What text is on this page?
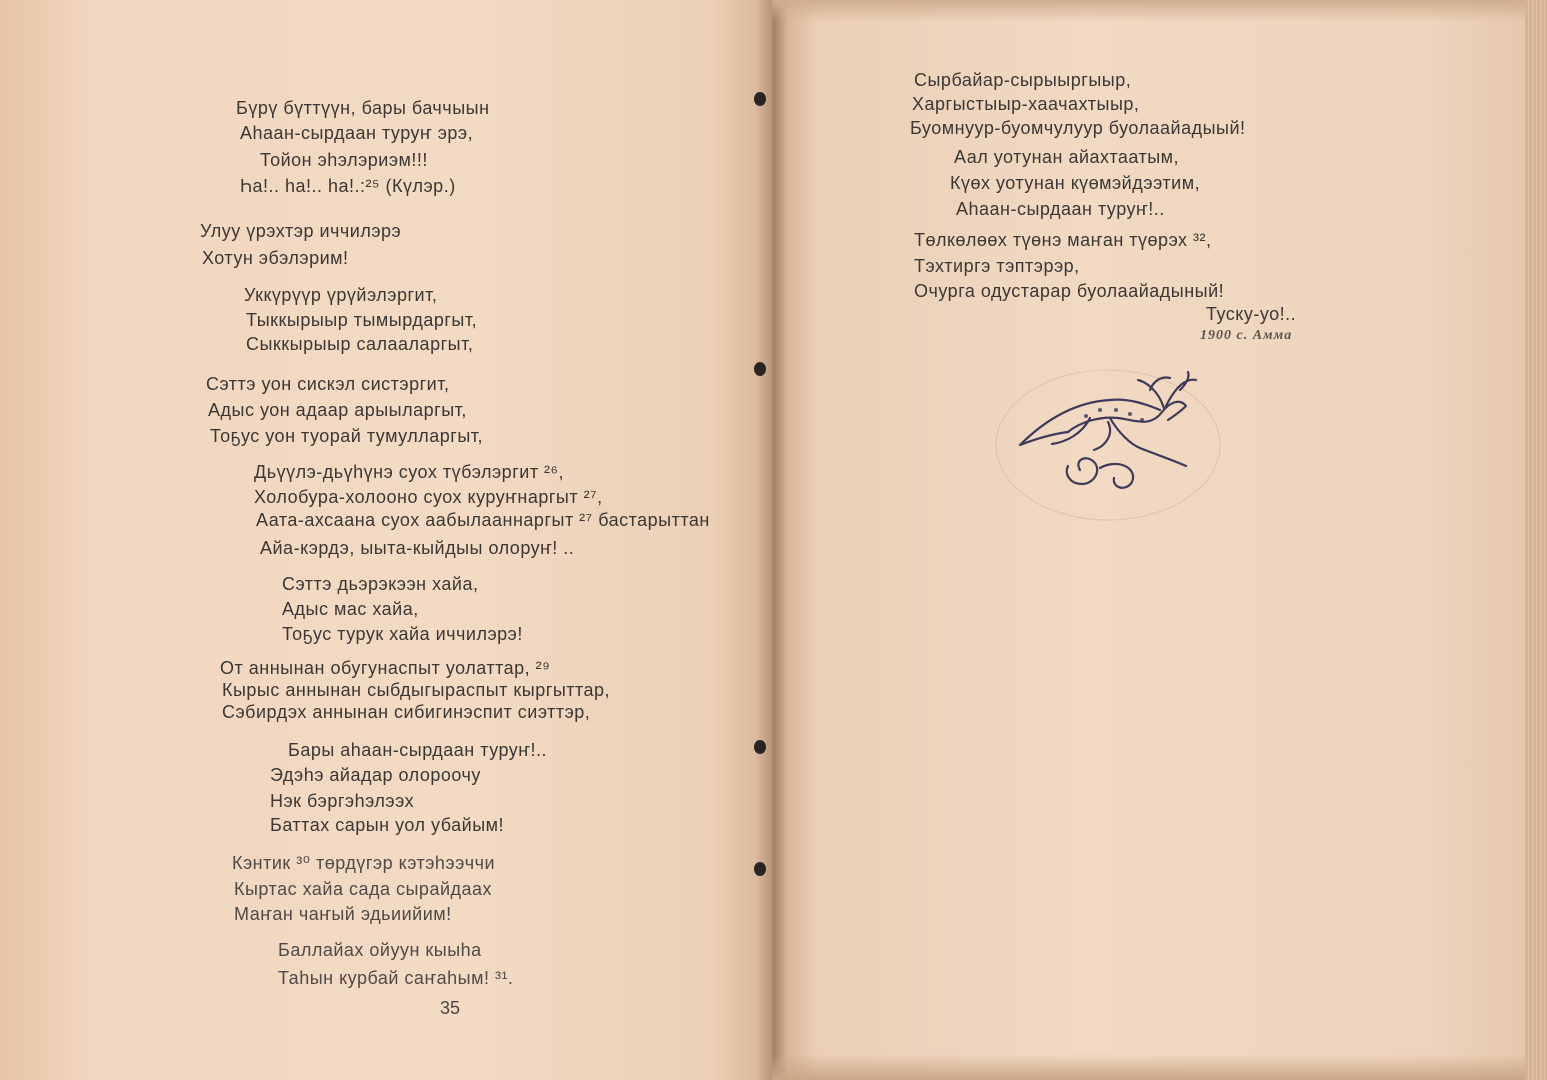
Бүрү бүттүүн, бары баччыын
Аһаан-сырдаан туруҥ эрэ,
Тойон эһэлэриэм!!!
Һа!.. һа!.. һа!.:²⁵ (Күлэр.)
Улуу үрэхтэр иччилэрэ
Хотун эбэлэрим!
Уккүрүүр үрүйэлэргит,
Тыккырыыр тымырдаргыт,
Сыккырыыр салааларгыт,
Сэттэ уон сискэл систэргит,
Адыс уон адаар арыыларгыт,
Тоҕус уон туорай тумулларгыт,
Дьүүлэ-дьүһүнэ суох түбэлэргит ²⁶,
Холобура-холооно суох куруҥнаргыт ²⁷,
Аата-ахсаана суох аабылааннаргыт ²⁷ бастарыттан
Айа-кэрдэ, ыыта-кыйдыы олоруҥ! ..
Сэттэ дьэрэкээн хайа,
Адыс мас хайа,
Тоҕус турук хайа иччилэрэ!
От аннынан обугунаспыт уолаттар, ²⁹
Кырыс аннынан сыбдыгыраспыт кыргыттар,
Сэбирдэх аннынан сибигинэспит сиэттэр,
Бары аһаан-сырдаан туруҥ!..
Эдэһэ айадар олороочу
Нэк бэргэһэлээх
Баттах сарын уол убайым!
Кэнтик ³⁰ төрдүгэр кэтэһээччи
Кыртас хайа сада сырайдаах
Маҥан чаҥый эдьиийим!
Баллайах ойуун кыыһа
Таһын курбай саҥаһым! ³¹.
35
Сырбайар-сырыыргыыр,
Харгыстыыр-хаачахтыыр,
Буомнуур-буомчулуур буолаайадыый!
Аал уотунан айахтаатым,
Күөх уотунан күөмэйдээтим,
Аһаан-сырдаан туруҥ!..
Төлкөлөөх түөнэ маҥан түөрэх ³²,
Тэхтиргэ тэптэрэр,
Очурга одустарар буолаайадыный!
Туску-уо!..
1900 с. Амма
